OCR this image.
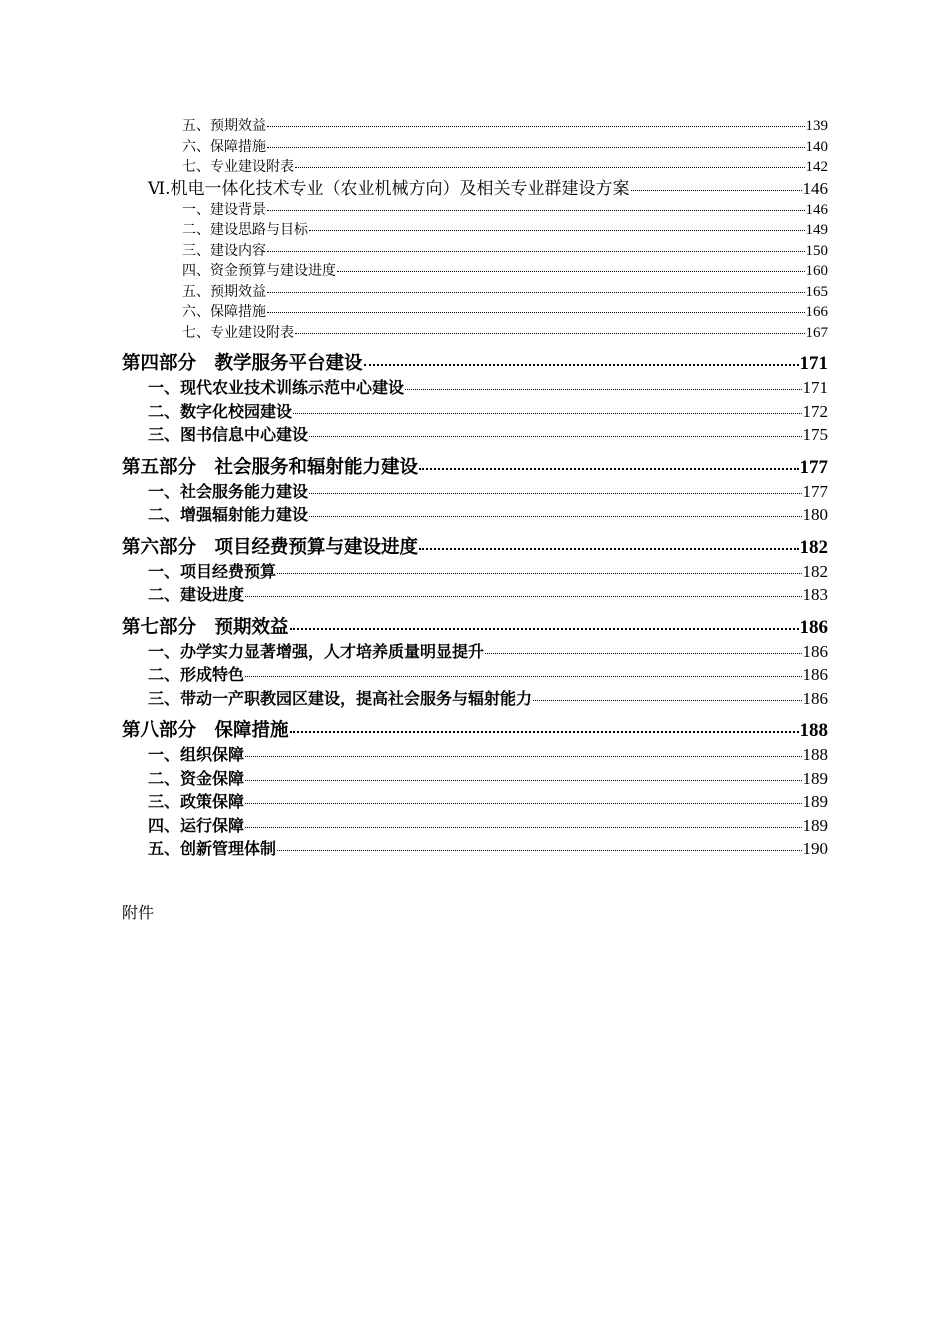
五、预期效益	139
六、保障措施	140
七、专业建设附表	142
Ⅵ.机电一体化技术专业（农业机械方向）及相关专业群建设方案	146
一、建设背景	146
二、建设思路与目标	149
三、建设内容	150
四、资金预算与建设进度	160
五、预期效益	165
六、保障措施	166
七、专业建设附表	167
第四部分　教学服务平台建设	171
一、现代农业技术训练示范中心建设	171
二、数字化校园建设	172
三、图书信息中心建设	175
第五部分　社会服务和辐射能力建设	177
一、社会服务能力建设	177
二、增强辐射能力建设	180
第六部分　项目经费预算与建设进度	182
一、项目经费预算	182
二、建设进度	183
第七部分　预期效益	186
一、办学实力显著增强，人才培养质量明显提升	186
二、形成特色	186
三、带动一产职教园区建设，提高社会服务与辐射能力	186
第八部分　保障措施	188
一、组织保障	188
二、资金保障	189
三、政策保障	189
四、运行保障	189
五、创新管理体制	190
附件
